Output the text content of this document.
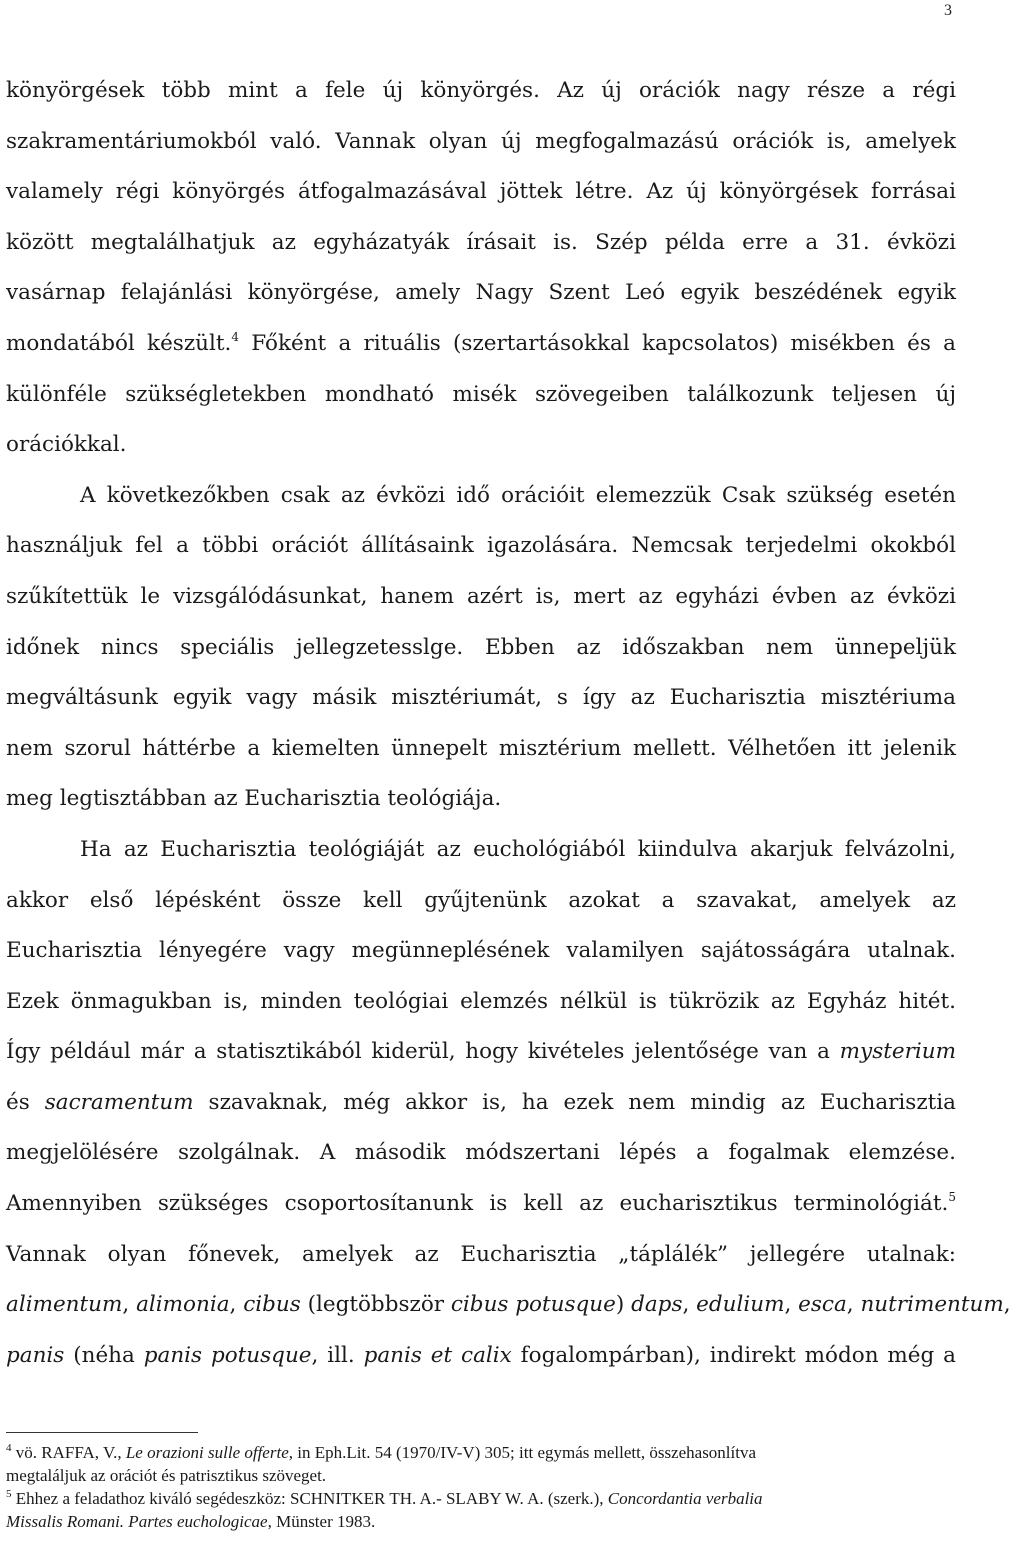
3
könyörgések több mint a fele új könyörgés. Az új orációk nagy része a régi
szakramentáriumokból való. Vannak olyan új megfogalmazású orációk is, amelyek
valamely régi könyörgés átfogalmazásával jöttek létre. Az új könyörgések forrásai
között megtalálhatjuk az egyházatyák írásait is. Szép példa erre a 31. évközi
vasárnap felajánlási könyörgése, amely Nagy Szent Leó egyik beszédének egyik
mondatából készült.$^4$ Főként a rituális (szertartásokkal kapcsolatos) misékben és a
különféle szükségletekben mondható misék szövegeiben találkozunk teljesen új
orációkkal.
A következőkben csak az évközi idő orációit elemezzük Csak szükség esetén
használjuk fel a többi orációt állításaink igazolására. Nemcsak terjedelmi okokból
szűkítettük le vizsgálódásunkat, hanem azért is, mert az egyházi évben az évközi
időnek nincs speciális jellegzetesslge. Ebben az időszakban nem ünnepeljük
megváltásunk egyik vagy másik misztériumát, s így az Eucharisztia misztériuma
nem szorul háttérbe a kiemelten ünnepelt misztérium mellett. Vélhetően itt jelenik
meg legtisztábban az Eucharisztia teológiája.
Ha az Eucharisztia teológiáját az euchológiából kiindulva akarjuk felvázolni,
akkor első lépésként össze kell gyűjtenünk azokat a szavakat, amelyek az
Eucharisztia lényegére vagy megünneplésének valamilyen sajátosságára utalnak.
Ezek önmagukban is, minden teológiai elemzés nélkül is tükrözik az Egyház hitét.
Így például már a statisztikából kiderül, hogy kivételes jelentősége van a mysterium
és sacramentum szavaknak, még akkor is, ha ezek nem mindig az Eucharisztia
megjelölésére szolgálnak. A második módszertani lépés a fogalmak elemzése.
Amennyiben szükséges csoportosítanunk is kell az eucharisztikus terminológiát.$^5$
Vannak olyan főnevek, amelyek az Eucharisztia „táplálék” jellegére utalnak:
alimentum, alimonia, cibus (legtöbbször cibus potusque) daps, edulium, esca, nutrimentum,
panis (néha panis potusque, ill. panis et calix fogalompárban), indirekt módon még a
$^4$ vö. RAFFA, V., Le orazioni sulle offerte, in Eph.Lit. 54 (1970/IV-V) 305; itt egymás mellett, összehasonlítva
megtaláljuk az orációt és patrisztikus szöveget.
$^5$ Ehhez a feladathoz kiváló segédeszköz: SCHNITKER TH. A.- SLABY W. A. (szerk.), Concordantia verbalia
Missalis Romani. Partes euchologicae, Münster 1983.
